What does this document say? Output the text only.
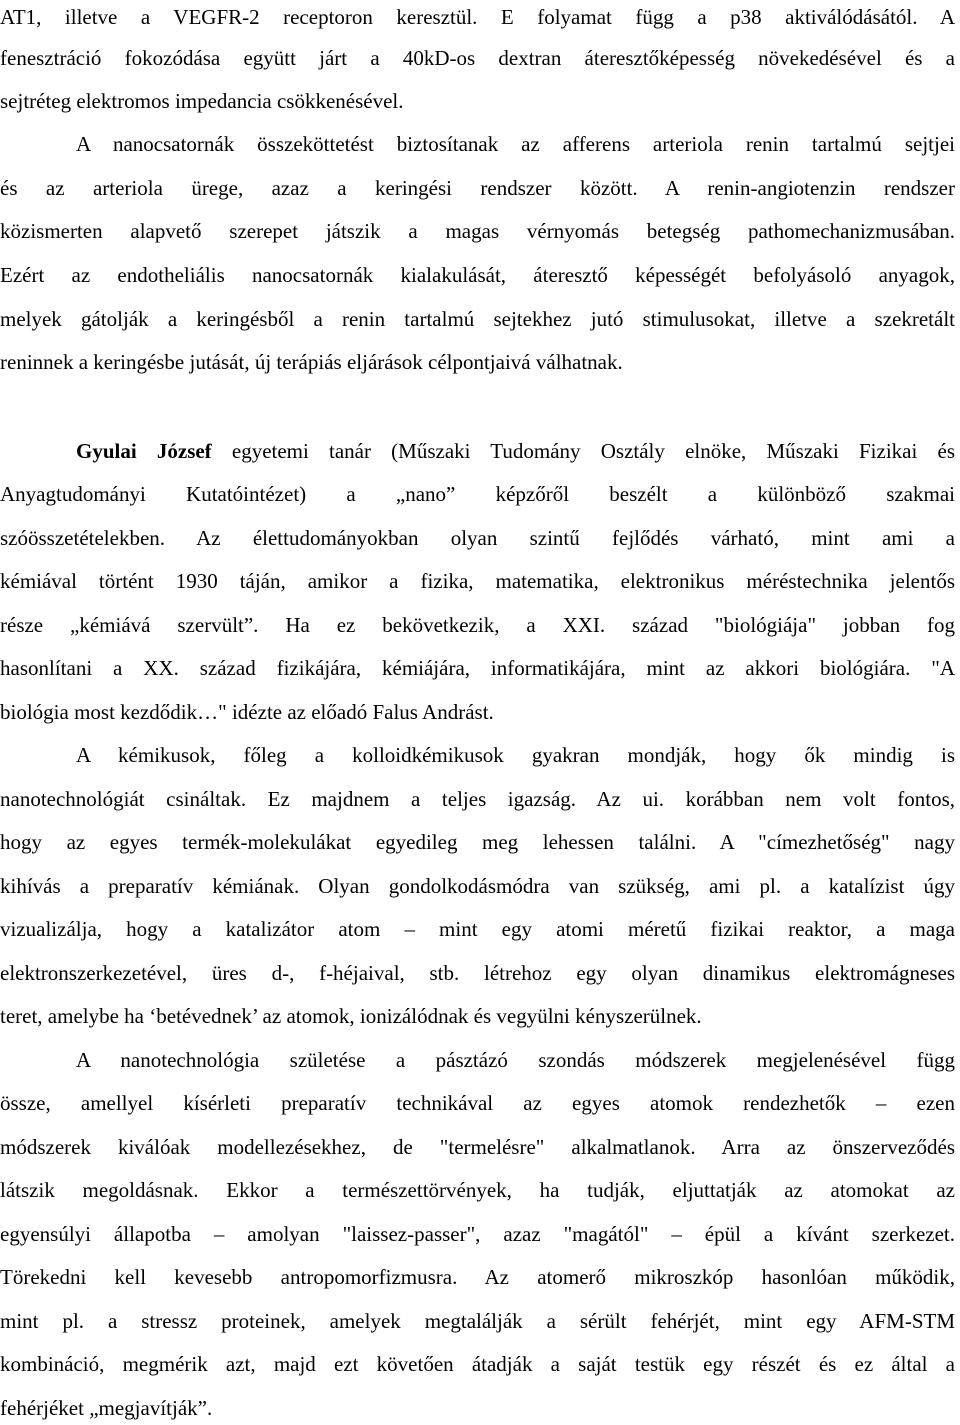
AT1, illetve a VEGFR-2 receptoron keresztül. E folyamat függ a p38 aktiválódásától. A
fenesztráció fokozódása együtt járt a 40kD-os dextran áteresztőképesség növekedésével és a
sejtréteg elektromos impedancia csökkenésével.
A nanocsatornák összeköttetést biztosítanak az afferens arteriola renin tartalmú sejtjei
és az arteriola ürege, azaz a keringési rendszer között. A renin-angiotenzin rendszer
közismerten alapvető szerepet játszik a magas vérnyomás betegség pathomechanizmusában.
Ezért az endotheliális nanocsatornák kialakulását, áteresztő képességét befolyásoló anyagok,
melyek gátolják a keringésből a renin tartalmú sejtekhez jutó stimulusokat, illetve a szekretált
reninnek a keringésbe jutását, új terápiás eljárások célpontjaivá válhatnak.
Gyulai József egyetemi tanár (Műszaki Tudomány Osztály elnöke, Műszaki Fizikai és
Anyagtudományi Kutatóintézet) a „nano” képzőről beszélt a különböző szakmai
szóösszetételekben. Az élettudományokban olyan szintű fejlődés várható, mint ami a
kémiával történt 1930 táján, amikor a fizika, matematika, elektronikus méréstechnika jelentős
része „kémiává szervült”. Ha ez bekövetkezik, a XXI. század "biológiája" jobban fog
hasonlítani a XX. század fizikájára, kémiájára, informatikájára, mint az akkori biológiára. "A
biológia most kezdődik…" idézte az előadó Falus Andrást.
A kémikusok, főleg a kolloidkémikusok gyakran mondják, hogy ők mindig is
nanotechnológiát csináltak. Ez majdnem a teljes igazság. Az ui. korábban nem volt fontos,
hogy az egyes termék-molekulákat egyedileg meg lehessen találni. A "címezhetőség" nagy
kihívás a preparatív kémiának. Olyan gondolkodásmódra van szükség, ami pl. a katalízist úgy
vizualizálja, hogy a katalizátor atom – mint egy atomi méretű fizikai reaktor, a maga
elektronszerkezetével, üres d-, f-héjaival, stb. létrehoz egy olyan dinamikus elektromágneses
teret, amelybe ha ‘betévednek’ az atomok, ionizálódnak és vegyülni kényszerülnek.
A nanotechnológia születése a pásztázó szondás módszerek megjelenésével függ
össze, amellyel kísérleti preparatív technikával az egyes atomok rendezhetők – ezen
módszerek kiválóak modellezésekhez, de "termelésre" alkalmatlanok. Arra az önszerveződés
látszik megoldásnak. Ekkor a természettörvények, ha tudják, eljuttatják az atomokat az
egyensúlyi állapotba – amolyan "laissez-passer", azaz "magától" – épül a kívánt szerkezet.
Törekedni kell kevesebb antropomorfizmusra. Az atomerő mikroszkóp hasonlóan működik,
mint pl. a stressz proteinek, amelyek megtalálják a sérült fehérjét, mint egy AFM-STM
kombináció, megmérik azt, majd ezt követően átadják a saját testük egy részét és ez által a
fehérjéket „megjavítják”.
